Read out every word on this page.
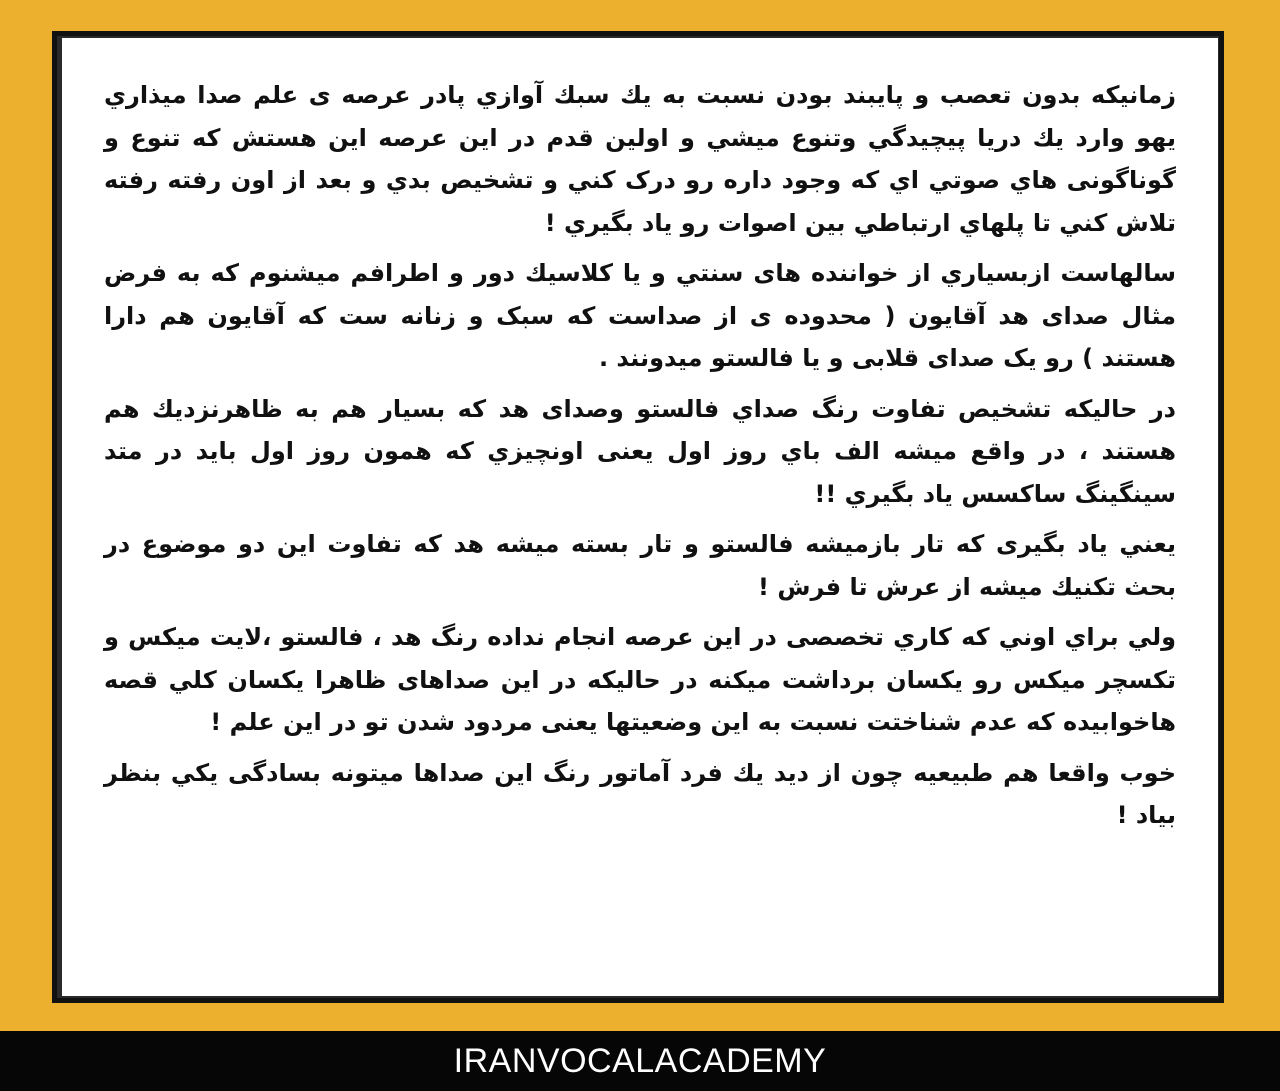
زمانیکه بدون تعصب و پایبند بودن نسبت به یك سبك آوازي پادر عرصه ی علم صدا میذاري یهو وارد یك دریا پیچیدگي وتنوع میشي و اولین قدم در این عرصه این هستش که تنوع و گوناگونی هاي صوتي اي که وجود داره رو درک کني و تشخیص بدي و بعد از اون رفته رفته تلاش کني تا پلهاي ارتباطي بین اصوات رو یاد بگیري !

سالهاست ازبسیاري از خواننده های سنتي و یا کلاسیك دور و اطرافم میشنوم که به فرض مثال صدای هد آقایون ( محدوده ی از صداست که سبک و زنانه ست که آقایون هم دارا هستند ) رو یک صدای قلابی و یا فالستو میدونند .

در حالیکه تشخیص تفاوت رنگ صداي فالستو وصدای هد که بسیار هم به ظاهرنزدیك هم هستند ، در واقع میشه الف باي روز اول یعنی اونچیزي که همون روز اول باید در متد سینگینگ ساکسس یاد بگیري !!

یعني یاد بگیری که تار بازمیشه فالستو و تار بسته میشه هد که تفاوت این دو موضوع در بحث تکنیك میشه از عرش تا فرش !

ولي براي اوني که کاري تخصصی در این عرصه انجام نداده رنگ هد ، فالستو ،لایت میکس و تکسچر میکس رو یکسان برداشت میکنه در حالیکه در این صداهای ظاهرا یکسان کلي قصه هاخوابیده که عدم شناختت نسبت به این وضعیتها یعنی مردود شدن تو در این علم !

خوب واقعا هم طبیعیه چون از دید یك فرد آماتور رنگ این صداها میتونه بسادگی یکي بنظر بیاد !

IRANVOCALACADEMY
